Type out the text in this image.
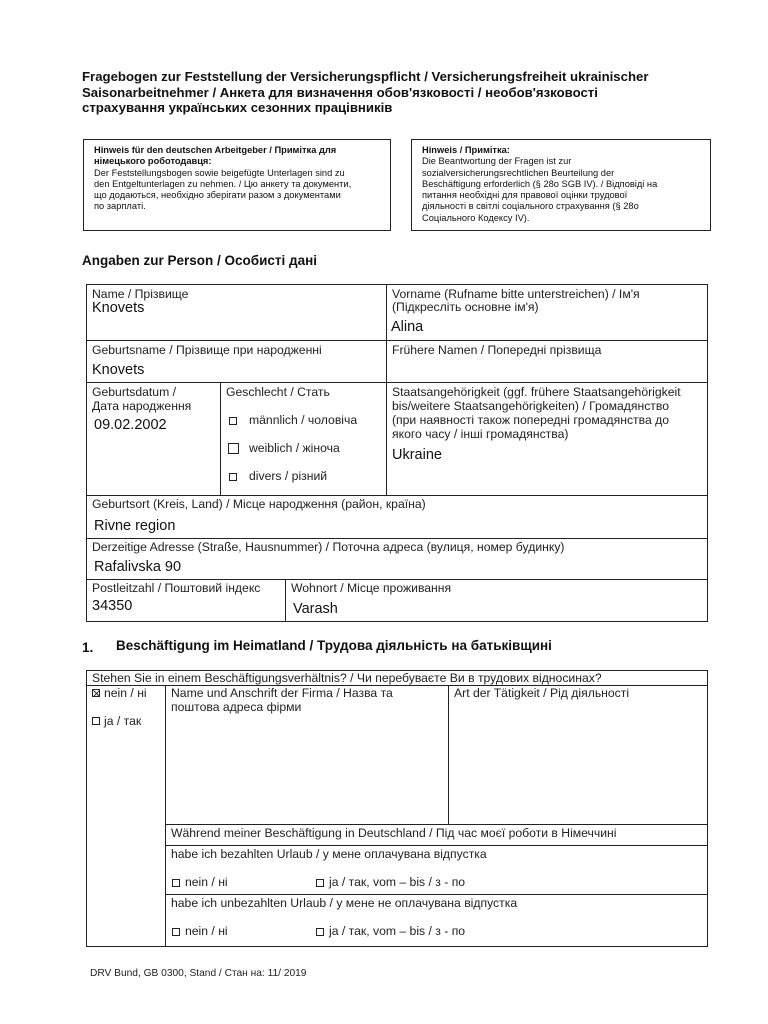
Fragebogen zur Feststellung der Versicherungspflicht / Versicherungsfreiheit ukrainischer
Saisonarbeitnehmer / Анкета для визначення обов'язковості / необов'язковості
страхування українських сезонних працівників
Hinweis für den deutschen Arbeitgeber / Примітка для
німецького роботодавця:
Der Feststellungsbogen sowie beigefügte Unterlagen sind zu
den Entgeltunterlagen zu nehmen. / Цю анкету та документи,
що додаються, необхідно зберігати разом з документами
по зарплаті.
Hinweis / Примітка:
Die Beantwortung der Fragen ist zur
sozialversicherungsrechtlichen Beurteilung der
Beschäftigung erforderlich (§ 28o SGB IV). / Відповіді на
питання необхідні для правової оцінки трудової
діяльності в світлі соціального страхування (§ 28o
Соціального Кодексу IV).
Angaben zur Person / Особисті дані
Name / Прізвище
Knovets
Vorname (Rufname bitte unterstreichen) / Ім'я
(Підкресліть основне ім'я)
Alina
Geburtsname / Прізвище при народженні
Knovets
Frühere Namen / Попередні прізвища
Geburtsdatum /
Дата народження
09.02.2002
Geschlecht / Стать
männlich / чоловіча
weiblich / жіноча
divers / різний
Staatsangehörigkeit (ggf. frühere Staatsangehörigkeit
bis/weitere Staatsangehörigkeiten) / Громадянство
(при наявності також попередні громадянства до
якого часу / інші громадянства)
Ukraine
Geburtsort (Kreis, Land) / Місце народження (район, країна)
Rivne region
Derzeitige Adresse (Straße, Hausnummer) / Поточна адреса (вулиця, номер будинку)
Rafalivska 90
Postleitzahl / Поштовий індекс
34350
Wohnort / Місце проживання
Varash
1. Beschäftigung im Heimatland / Трудова діяльність на батьківщині
Stehen Sie in einem Beschäftigungsverhältnis? / Чи перебуваєте Ви в трудових відносинах?
nein / ні
ja / так
Name und Anschrift der Firma / Назва та
поштова адреса фірми
Art der Tätigkeit / Рід діяльності
Während meiner Beschäftigung in Deutschland / Під час моєї роботи в Німеччині
habe ich bezahlten Urlaub / у мене оплачувана відпустка
nein / ні	ja / так, vom – bis / з - по
habe ich unbezahlten Urlaub / у мене не оплачувана відпустка
nein / ні	ja / так, vom – bis / з - по
DRV Bund, GB 0300, Stand / Стан на: 11/ 2019
